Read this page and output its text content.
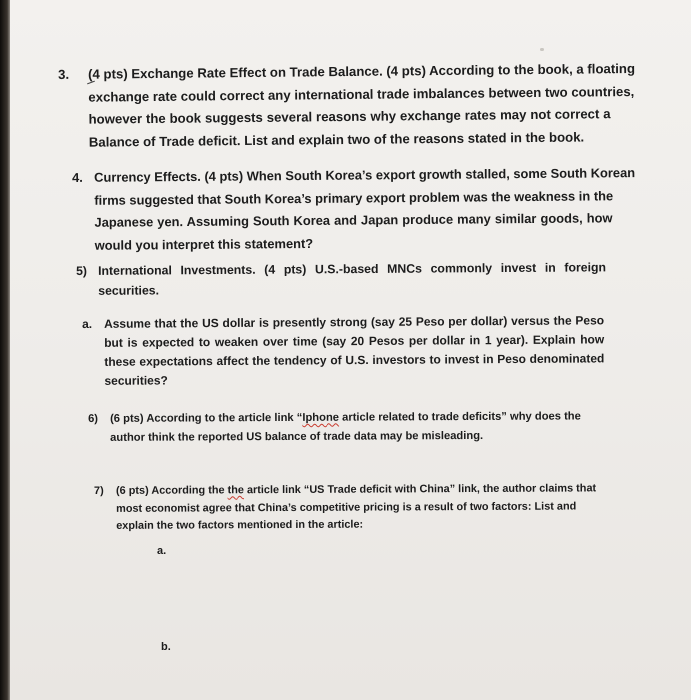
3. (4 pts) Exchange Rate Effect on Trade Balance. (4 pts) According to the book, a floating

exchange rate could correct any international trade imbalances between two countries,

however the book suggests several reasons why exchange rates may not correct a

Balance of Trade deficit. List and explain two of the reasons stated in the book.

4. Currency Effects. (4 pts) When South Korea’s export growth stalled, some South Korean

firms suggested that South Korea’s primary export problem was the weakness in the

Japanese yen. Assuming South Korea and Japan produce many similar goods, how

would you interpret this statement?

5) International Investments. (4 pts) U.S.-based MNCs commonly invest in foreign

securities.

a. Assume that the US dollar is presently strong (say 25 Peso per dollar) versus the Peso

but is expected to weaken over time (say 20 Pesos per dollar in 1 year). Explain how

these expectations affect the tendency of U.S. investors to invest in Peso denominated

securities?

6) (6 pts) According to the article link “Iphone article related to trade deficits” why does the

author think the reported US balance of trade data may be misleading.

7) (6 pts) According the the article link “US Trade deficit with China” link, the author claims that

most economist agree that China’s competitive pricing is a result of two factors: List and

explain the two factors mentioned in the article:

a.
b.
